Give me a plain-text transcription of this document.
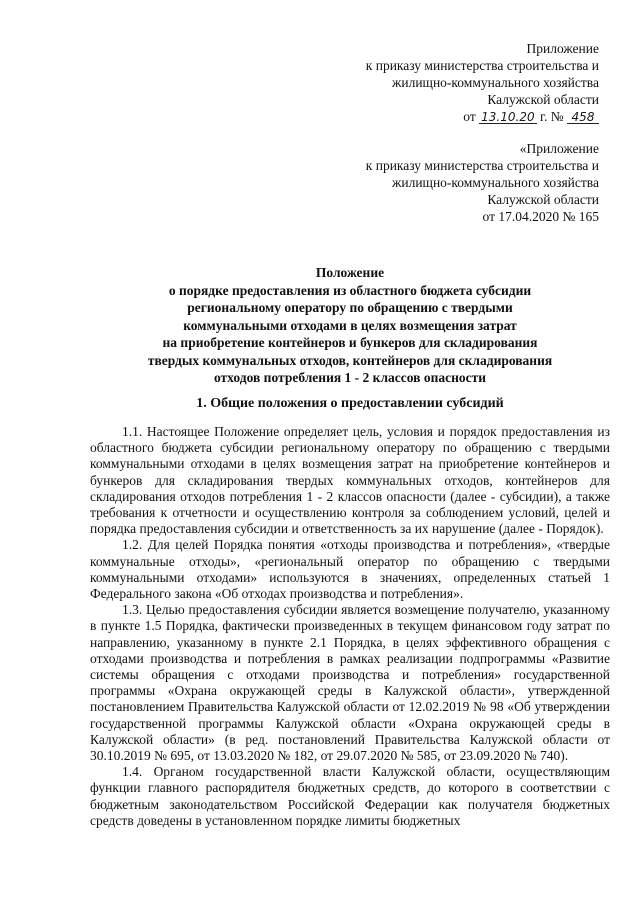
Приложение
к приказу министерства строительства и
жилищно-коммунального хозяйства
Калужской области
от 13.10.20 г. № 458
«Приложение
к приказу министерства строительства и
жилищно-коммунального хозяйства
Калужской области
от 17.04.2020 № 165
Положение
о порядке предоставления из областного бюджета субсидии
региональному оператору по обращению с твердыми
коммунальными отходами в целях возмещения затрат
на приобретение контейнеров и бункеров для складирования
твердых коммунальных отходов, контейнеров для складирования
отходов потребления 1 - 2 классов опасности
1. Общие положения о предоставлении субсидий

1.1. Настоящее Положение определяет цель, условия и порядок предоставления из областного бюджета субсидии региональному оператору по обращению с твердыми коммунальными отходами в целях возмещения затрат на приобретение контейнеров и бункеров для складирования твердых коммунальных отходов, контейнеров для складирования отходов потребления 1 - 2 классов опасности (далее - субсидии), а также требования к отчетности и осуществлению контроля за соблюдением условий, целей и порядка предоставления субсидии и ответственность за их нарушение (далее - Порядок).

1.2. Для целей Порядка понятия «отходы производства и потребления», «твердые коммунальные отходы», «региональный оператор по обращению с твердыми коммунальными отходами» используются в значениях, определенных статьей 1 Федерального закона «Об отходах производства и потребления».

1.3. Целью предоставления субсидии является возмещение получателю, указанному в пункте 1.5 Порядка, фактически произведенных в текущем финансовом году затрат по направлению, указанному в пункте 2.1 Порядка, в целях эффективного обращения с отходами производства и потребления в рамках реализации подпрограммы «Развитие системы обращения с отходами производства и потребления» государственной программы «Охрана окружающей среды в Калужской области», утвержденной постановлением Правительства Калужской области от 12.02.2019 № 98 «Об утверждении государственной программы Калужской области «Охрана окружающей среды в Калужской области» (в ред. постановлений Правительства Калужской области от 30.10.2019 № 695, от 13.03.2020 № 182, от 29.07.2020 № 585, от 23.09.2020 № 740).

1.4. Органом государственной власти Калужской области, осуществляющим функции главного распорядителя бюджетных средств, до которого в соответствии с бюджетным законодательством Российской Федерации как получателя бюджетных средств доведены в установленном порядке лимиты бюджетных
